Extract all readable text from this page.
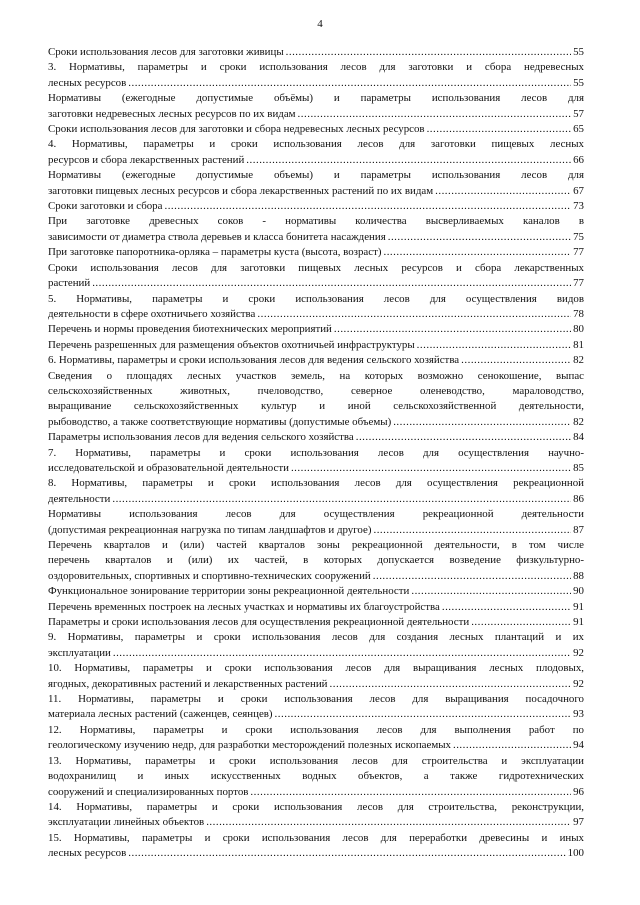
4
Сроки использования лесов для заготовки живицы .....	55
3. Нормативы, параметры и сроки использования лесов для заготовки и сбора недревесных
лесных ресурсов .....	55
Нормативы (ежегодные допустимые объёмы) и параметры использования лесов для
заготовки недревесных лесных ресурсов по их видам .....	57
Сроки использования лесов для заготовки и сбора недревесных лесных ресурсов .....	65
4. Нормативы, параметры и сроки использования лесов для заготовки пищевых лесных
ресурсов и сбора лекарственных растений .....	66
Нормативы (ежегодные допустимые объемы) и параметры использования лесов для
заготовки пищевых лесных ресурсов и сбора лекарственных растений по их видам .....	67
Сроки заготовки и сбора .....	73
При заготовке древесных соков - нормативы количества высверливаемых каналов в
зависимости от диаметра ствола деревьев и класса бонитета насаждения .....	75
При заготовке папоротника-орляка – параметры куста (высота, возраст) .....	77
Сроки использования лесов для заготовки пищевых лесных ресурсов и сбора лекарственных
растений .....	77
5. Нормативы, параметры и сроки использования лесов для осуществления видов
деятельности в сфере охотничьего хозяйства .....	78
Перечень и нормы проведения биотехнических мероприятий .....	80
Перечень разрешенных для размещения объектов охотничьей инфраструктуры .....	81
6. Нормативы, параметры и сроки использования лесов для ведения сельского хозяйства .....	82
Сведения о площадях лесных участков земель, на которых возможно сенокошение, выпас
сельскохозяйственных животных, пчеловодство, северное оленеводство, мараловодство,
выращивание сельскохозяйственных культур и иной сельскохозяйственной деятельности,
рыбоводство, а также соответствующие нормативы (допустимые объемы) .....	82
Параметры использования лесов для ведения сельского хозяйства .....	84
7. Нормативы, параметры и сроки использования лесов для осуществления научно-
исследовательской и образовательной деятельности .....	85
8. Нормативы, параметры и сроки использования лесов для осуществления рекреационной
деятельности .....	86
Нормативы использования лесов для осуществления рекреационной деятельности
(допустимая рекреационная нагрузка по типам ландшафтов и другое) .....	87
Перечень кварталов и (или) частей кварталов зоны рекреационной деятельности, в том числе
перечень кварталов и (или) их частей, в которых допускается возведение физкультурно-
оздоровительных, спортивных и спортивно-технических сооружений .....	88
Функциональное зонирование территории зоны рекреационной деятельности .....	90
Перечень временных построек на лесных участках и нормативы их благоустройства .....	91
Параметры и сроки использования лесов для осуществления рекреационной деятельности .....	91
9. Нормативы, параметры и сроки использования лесов для создания лесных плантаций и их
эксплуатации .....	92
10. Нормативы, параметры и сроки использования лесов для выращивания лесных плодовых,
ягодных, декоративных растений и лекарственных растений .....	92
11. Нормативы, параметры и сроки использования лесов для выращивания посадочного
материала лесных растений (саженцев, сеянцев) .....	93
12. Нормативы, параметры и сроки использования лесов для выполнения работ по
геологическому изучению недр, для разработки месторождений полезных ископаемых .....	94
13. Нормативы, параметры и сроки использования лесов для строительства и эксплуатации
водохранилищ и иных искусственных водных объектов, а также гидротехнических
сооружений и специализированных портов .....	96
14. Нормативы, параметры и сроки использования лесов для строительства, реконструкции,
эксплуатации линейных объектов .....	97
15. Нормативы, параметры и сроки использования лесов для переработки древесины и иных
лесных ресурсов .....	100
